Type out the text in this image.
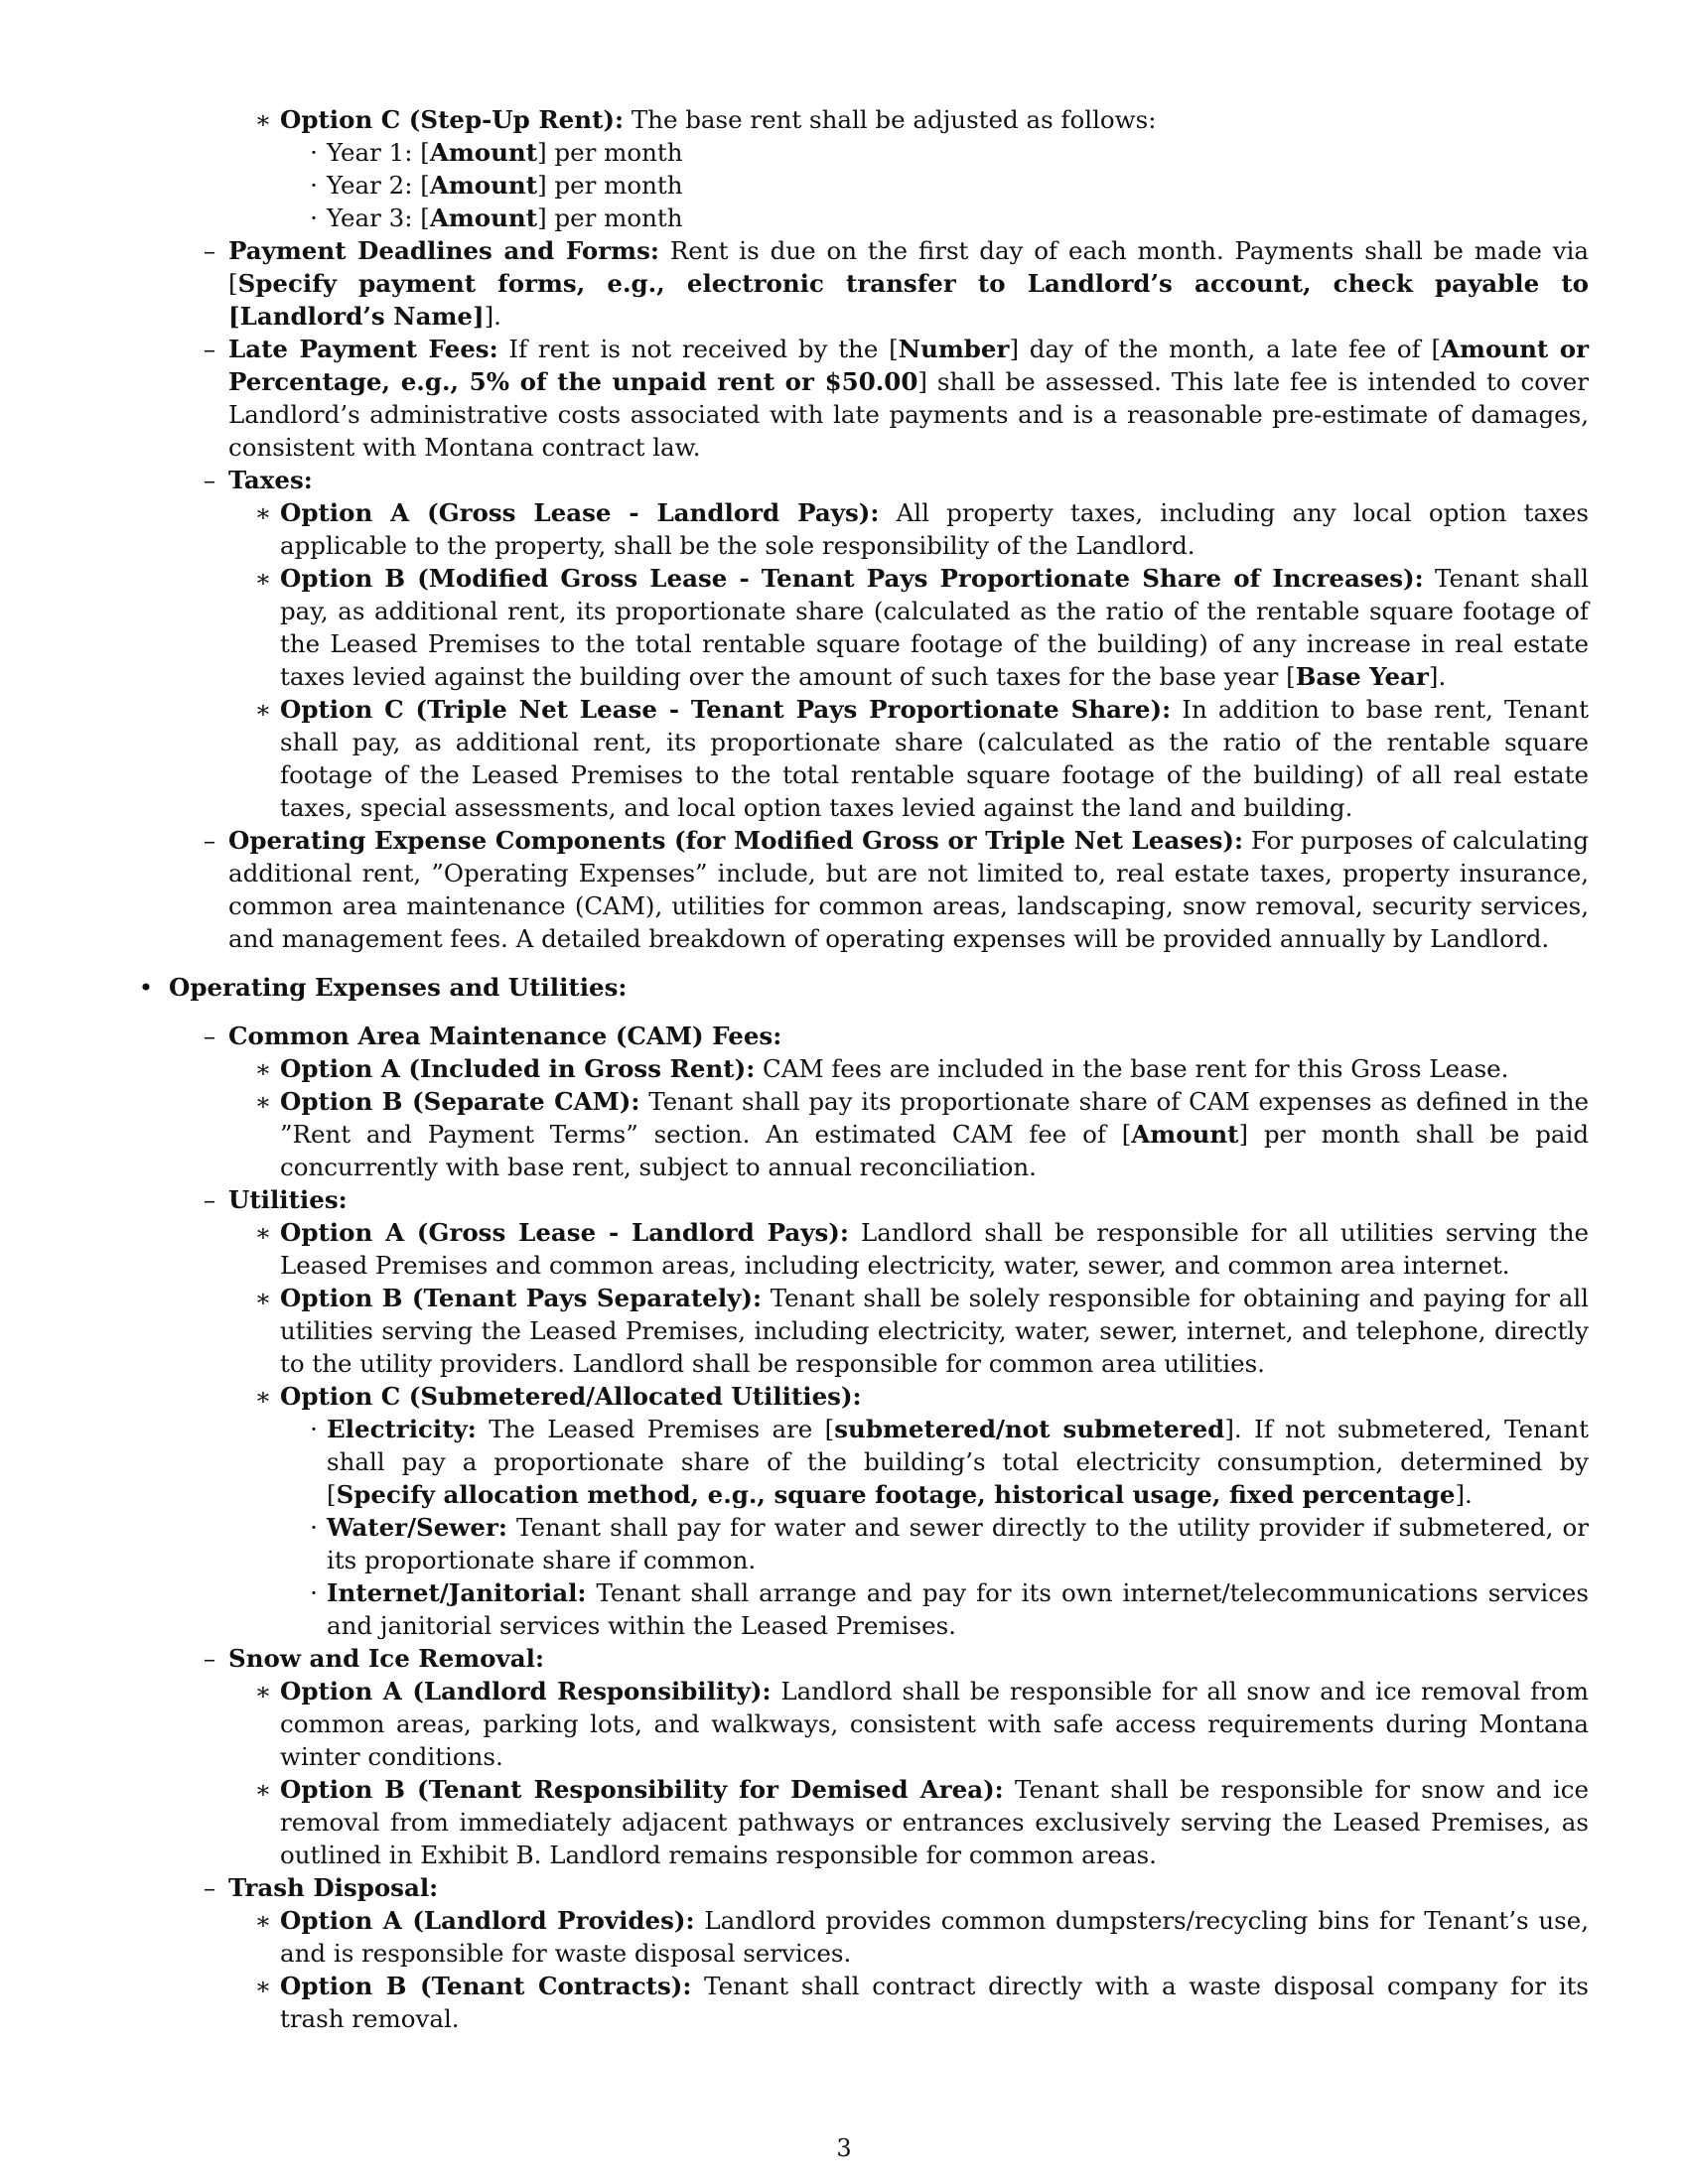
∗ Option C (Step-Up Rent): The base rent shall be adjusted as follows:
· Year 1: [Amount] per month
· Year 2: [Amount] per month
· Year 3: [Amount] per month
– Payment Deadlines and Forms: Rent is due on the first day of each month. Payments shall be made via [Specify payment forms, e.g., electronic transfer to Landlord’s account, check payable to [Landlord’s Name]].
– Late Payment Fees: If rent is not received by the [Number] day of the month, a late fee of [Amount or Percentage, e.g., 5% of the unpaid rent or $50.00] shall be assessed. This late fee is intended to cover Landlord’s administrative costs associated with late payments and is a reasonable pre-estimate of damages, consistent with Montana contract law.
– Taxes:
∗ Option A (Gross Lease - Landlord Pays): All property taxes, including any local option taxes applicable to the property, shall be the sole responsibility of the Landlord.
∗ Option B (Modified Gross Lease - Tenant Pays Proportionate Share of Increases): Tenant shall pay, as additional rent, its proportionate share (calculated as the ratio of the rentable square footage of the Leased Premises to the total rentable square footage of the building) of any increase in real estate taxes levied against the building over the amount of such taxes for the base year [Base Year].
∗ Option C (Triple Net Lease - Tenant Pays Proportionate Share): In addition to base rent, Tenant shall pay, as additional rent, its proportionate share (calculated as the ratio of the rentable square footage of the Leased Premises to the total rentable square footage of the building) of all real estate taxes, special assessments, and local option taxes levied against the land and building.
– Operating Expense Components (for Modified Gross or Triple Net Leases): For purposes of calculating additional rent, ”Operating Expenses” include, but are not limited to, real estate taxes, property insurance, common area maintenance (CAM), utilities for common areas, landscaping, snow removal, security services, and management fees. A detailed breakdown of operating expenses will be provided annually by Landlord.
• Operating Expenses and Utilities:
– Common Area Maintenance (CAM) Fees:
∗ Option A (Included in Gross Rent): CAM fees are included in the base rent for this Gross Lease.
∗ Option B (Separate CAM): Tenant shall pay its proportionate share of CAM expenses as defined in the ”Rent and Payment Terms” section. An estimated CAM fee of [Amount] per month shall be paid concurrently with base rent, subject to annual reconciliation.
– Utilities:
∗ Option A (Gross Lease - Landlord Pays): Landlord shall be responsible for all utilities serving the Leased Premises and common areas, including electricity, water, sewer, and common area internet.
∗ Option B (Tenant Pays Separately): Tenant shall be solely responsible for obtaining and paying for all utilities serving the Leased Premises, including electricity, water, sewer, internet, and telephone, directly to the utility providers. Landlord shall be responsible for common area utilities.
∗ Option C (Submetered/Allocated Utilities):
· Electricity: The Leased Premises are [submetered/not submetered]. If not submetered, Tenant shall pay a proportionate share of the building’s total electricity consumption, determined by [Specify allocation method, e.g., square footage, historical usage, fixed percentage].
· Water/Sewer: Tenant shall pay for water and sewer directly to the utility provider if submetered, or its proportionate share if common.
· Internet/Janitorial: Tenant shall arrange and pay for its own internet/telecommunications services and janitorial services within the Leased Premises.
– Snow and Ice Removal:
∗ Option A (Landlord Responsibility): Landlord shall be responsible for all snow and ice removal from common areas, parking lots, and walkways, consistent with safe access requirements during Montana winter conditions.
∗ Option B (Tenant Responsibility for Demised Area): Tenant shall be responsible for snow and ice removal from immediately adjacent pathways or entrances exclusively serving the Leased Premises, as outlined in Exhibit B. Landlord remains responsible for common areas.
– Trash Disposal:
∗ Option A (Landlord Provides): Landlord provides common dumpsters/recycling bins for Tenant’s use, and is responsible for waste disposal services.
∗ Option B (Tenant Contracts): Tenant shall contract directly with a waste disposal company for its trash removal.
3
